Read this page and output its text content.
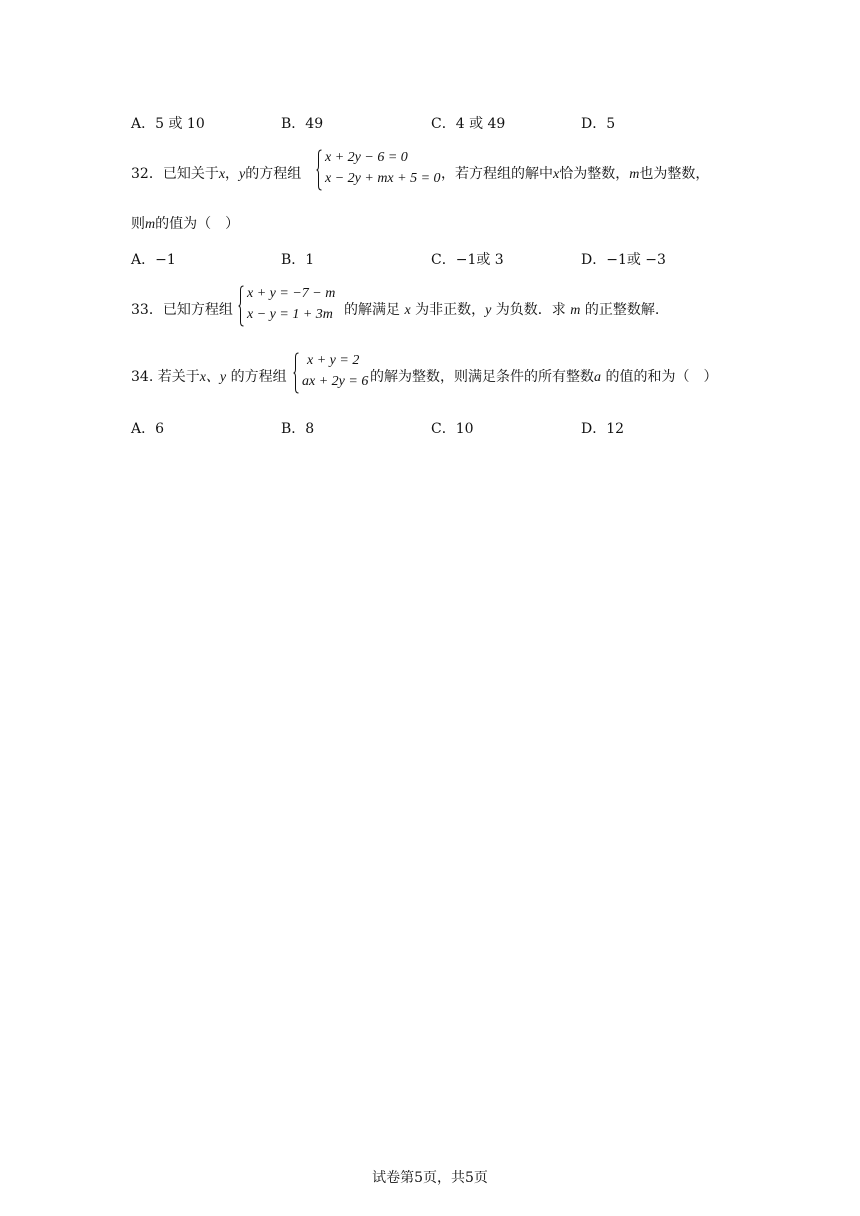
A．5 或 10	B．49	C．4 或 49	D．5
32．已知关于x，y的方程组
x + 2y − 6 = 0
x − 2y + mx + 5 = 0 ，若方程组的解中x恰为整数，m也为整数，
则m的值为（　）
A．−1	B．1	C．−1或 3	D．−1或 −3
33．已知方程组
x + y = −7 − m
x − y = 1 + 3m 的解满足 x 为非正数，y 为负数．求 m 的正整数解.
34. 若关于x、y 的方程组
x + y = 2
ax + 2y = 6 的解为整数，则满足条件的所有整数a 的值的和为（　）
A．6	B．8	C．10	D．12
试卷第5页，共5页
